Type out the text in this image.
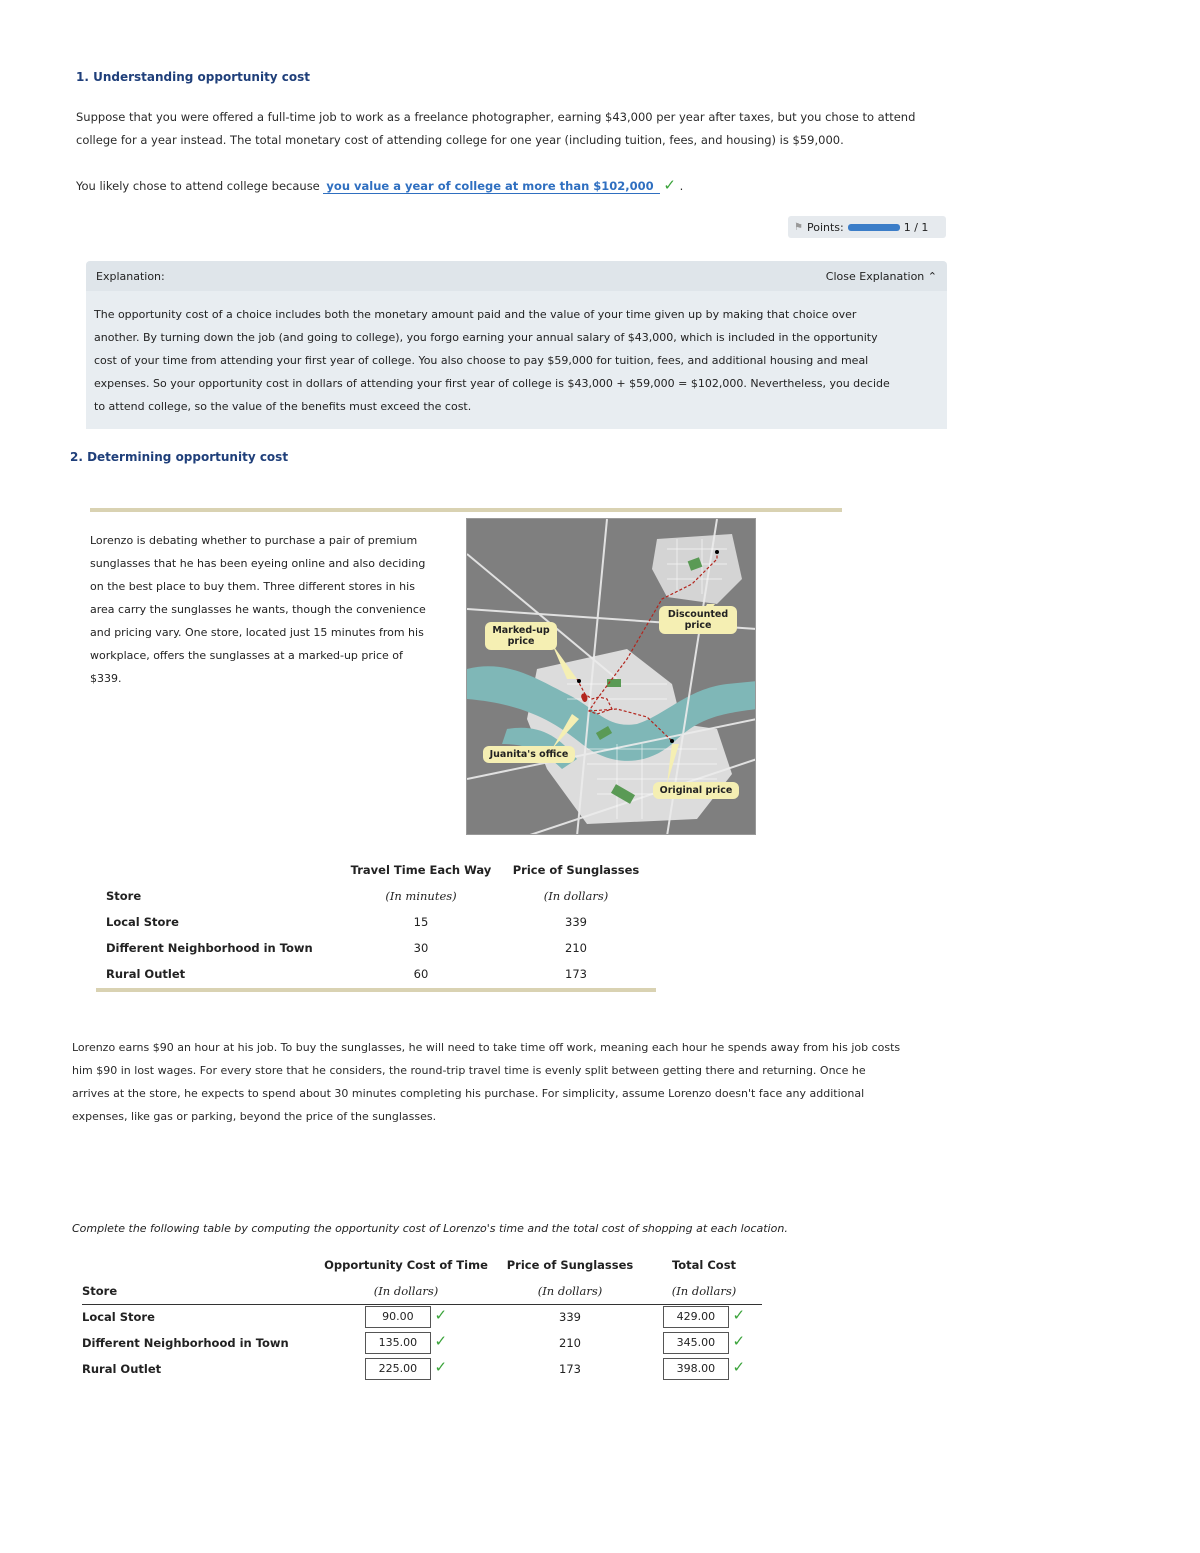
1. Understanding opportunity cost
Suppose that you were offered a full-time job to work as a freelance photographer, earning $43,000 per year after taxes, but you chose to attend
college for a year instead. The total monetary cost of attending college for one year (including tuition, fees, and housing) is $59,000.
You likely chose to attend college because you value a year of college at more than $102,000 ✓ .
⚑ Points:	1 / 1
Explanation:	Close Explanation ⌃
The opportunity cost of a choice includes both the monetary amount paid and the value of your time given up by making that choice over
another. By turning down the job (and going to college), you forgo earning your annual salary of $43,000, which is included in the opportunity
cost of your time from attending your first year of college. You also choose to pay $59,000 for tuition, fees, and additional housing and meal
expenses. So your opportunity cost in dollars of attending your first year of college is $43,000 + $59,000 = $102,000. Nevertheless, you decide
to attend college, so the value of the benefits must exceed the cost.
2. Determining opportunity cost
Lorenzo is debating whether to purchase a pair of premium
sunglasses that he has been eyeing online and also deciding
on the best place to buy them. Three different stores in his
area carry the sunglasses he wants, though the convenience
and pricing vary. One store, located just 15 minutes from his
workplace, offers the sunglasses at a marked-up price of
$339.
Marked-up
price
Discounted
price
Juanita's office
Original price
	Travel Time Each Way	Price of Sunglasses
Store	(In minutes)	(In dollars)
Local Store	15	339
Different Neighborhood in Town	30	210
Rural Outlet	60	173
Lorenzo earns $90 an hour at his job. To buy the sunglasses, he will need to take time off work, meaning each hour he spends away from his job costs
him $90 in lost wages. For every store that he considers, the round-trip travel time is evenly split between getting there and returning. Once he
arrives at the store, he expects to spend about 30 minutes completing his purchase. For simplicity, assume Lorenzo doesn't face any additional
expenses, like gas or parking, beyond the price of the sunglasses.
Complete the following table by computing the opportunity cost of Lorenzo's time and the total cost of shopping at each location.
	Opportunity Cost of Time	Price of Sunglasses	Total Cost
Store	(In dollars)	(In dollars)	(In dollars)
Local Store	90.00 ✓	339	429.00 ✓
Different Neighborhood in Town	135.00 ✓	210	345.00 ✓
Rural Outlet	225.00 ✓	173	398.00 ✓
